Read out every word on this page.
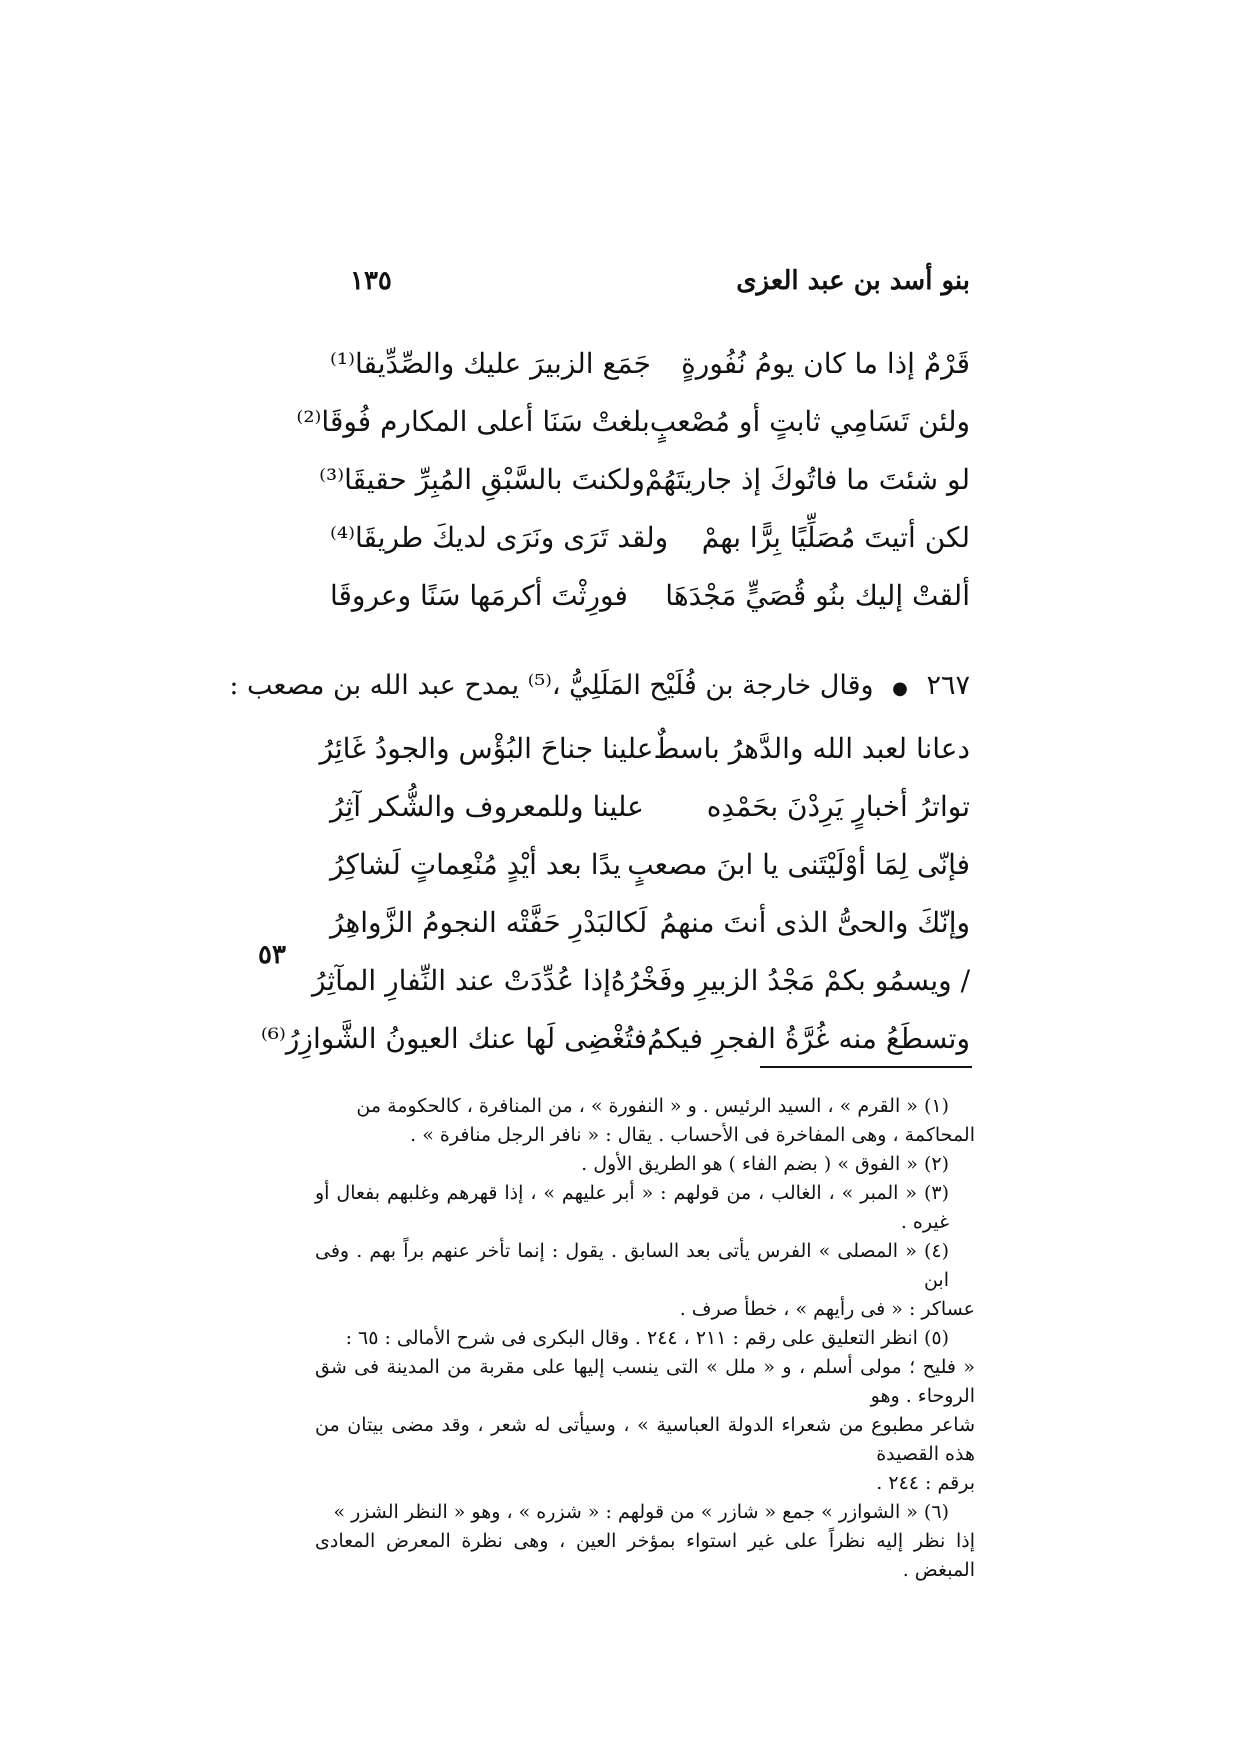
١٣٥	بنو أسد بن عبد العزى
قَرْمٌ إذا ما كان يومُ نُفُورةٍ
جَمَع الزبيرَ عليك والصِّدِّيقا⁽¹⁾
ولئن تَسَامِي ثابتٍ أو مُصْعبٍ
بلغتْ سَنَا أعلى المكارم فُوقَا⁽²⁾
لو شئتَ ما فاتُوكَ إذ جاريتَهُمْ
ولكنتَ بالسَّبْقِ المُبِرِّ حقيقَا⁽³⁾
لكن أتيتَ مُصَلِّيًا بِرًّا بهمْ
ولقد تَرَى ونَرَى لديكَ طريقَا⁽⁴⁾
ألقتْ إليك بنُو قُصَيٍّ مَجْدَهَا
فورِثْتَ أكرمَها سَنًا وعروقَا
٢٦٧ ● وقال خارجة بن فُلَيْح المَلَلِيُّ ،⁽⁵⁾ يمدح عبد الله بن مصعب :
دعانا لعبد الله والدَّهرُ باسطٌ
علينا جناحَ البُؤْس والجودُ غَائِرُ
تواترُ أخبارٍ يَرِدْنَ بحَمْدِه
علينا وللمعروف والشُّكر آثِرُ
فإنّى لِمَا أوْلَيْتَنى يا ابنَ مصعبٍ
يدًا بعد أيْدٍ مُنْعِماتٍ لَشاكِرُ
وإنّكَ والحىُّ الذى أنتَ منهمُ
لَكالبَدْرِ حَفَّتْه النجومُ الزَّواهِرُ
/ ويسمُو بكمْ مَجْدُ الزبيرِ وفَخْرُهُ
إذا عُدِّدَتْ عند النِّفارِ المآثِرُ
وتسطَعُ منه غُرَّةُ الفجرِ فيكمُ
فتُغْضِى لَها عنك العيونُ الشَّوازِرُ⁽⁶⁾
٥٣

(١) « القرم » ، السيد الرئيس . و « النفورة » ، من المنافرة ، كالحكومة من

المحاكمة ، وهى المفاخرة فى الأحساب . يقال : « نافر الرجل منافرة » .

(٢) « الفوق » ( بضم الفاء ) هو الطريق الأول .

(٣) « المبر » ، الغالب ، من قولهم : « أبر عليهم » ، إذا قهرهم وغلبهم بفعال أو غيره .

(٤) « المصلى » الفرس يأتى بعد السابق . يقول : إنما تأخر عنهم براً بهم . وفى ابن

عساكر : « فى رأيهم » ، خطأ صرف .

(٥) انظر التعليق على رقم : ٢١١ ، ٢٤٤ . وقال البكرى فى شرح الأمالى : ٦٥ :

« فليح ؛ مولى أسلم ، و « ملل » التى ينسب إليها على مقربة من المدينة فى شق الروحاء . وهو

شاعر مطبوع من شعراء الدولة العباسية » ، وسيأتى له شعر ، وقد مضى بيتان من هذه القصيدة

برقم : ٢٤٤ .

(٦) « الشوازر » جمع « شازر » من قولهم : « شزره » ، وهو « النظر الشزر »

إذا نظر إليه نظراً على غير استواء بمؤخر العين ، وهى نظرة المعرض المعادى المبغض .
